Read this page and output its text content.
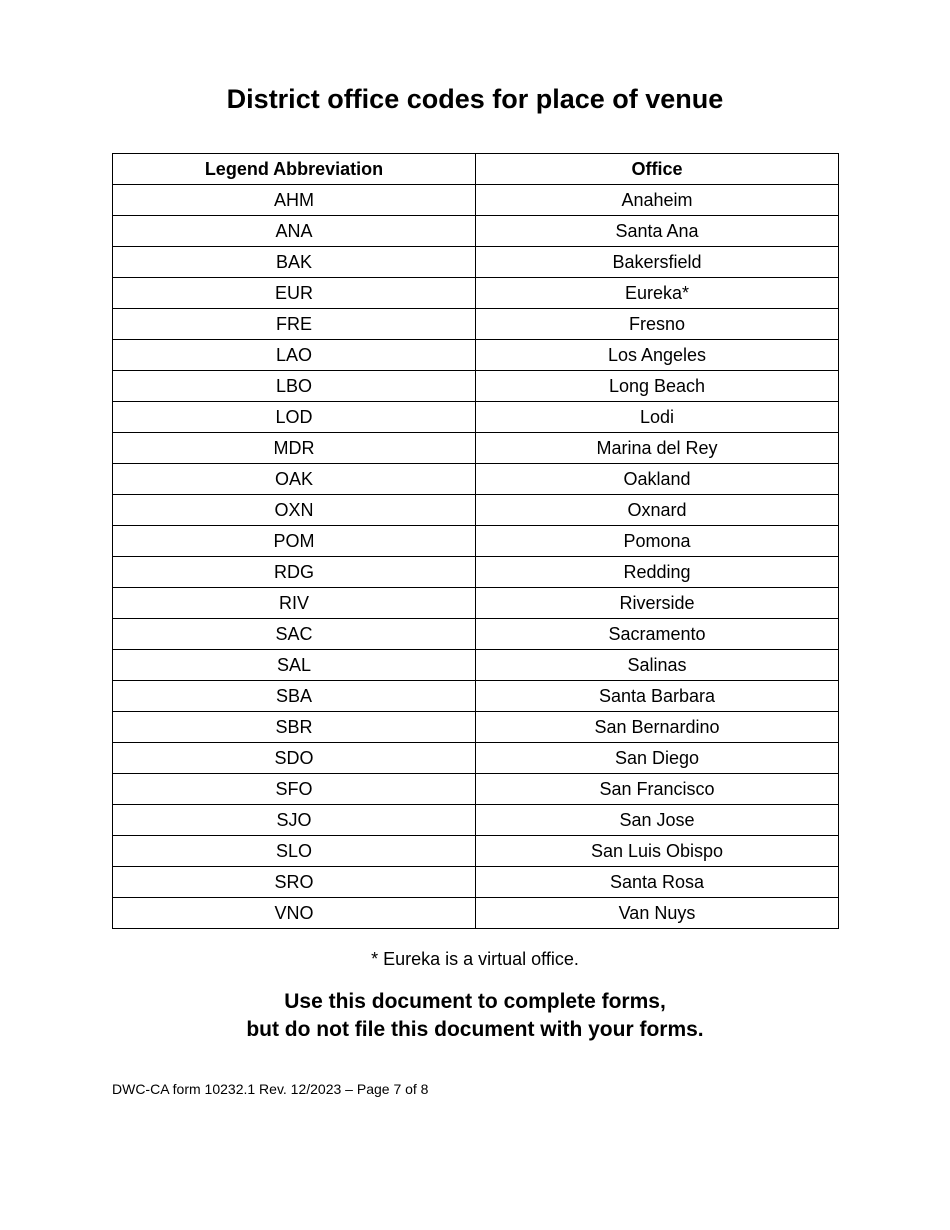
District office codes for place of venue
Legend Abbreviation	Office
AHM	Anaheim
ANA	Santa Ana
BAK	Bakersfield
EUR	Eureka*
FRE	Fresno
LAO	Los Angeles
LBO	Long Beach
LOD	Lodi
MDR	Marina del Rey
OAK	Oakland
OXN	Oxnard
POM	Pomona
RDG	Redding
RIV	Riverside
SAC	Sacramento
SAL	Salinas
SBA	Santa Barbara
SBR	San Bernardino
SDO	San Diego
SFO	San Francisco
SJO	San Jose
SLO	San Luis Obispo
SRO	Santa Rosa
VNO	Van Nuys
* Eureka is a virtual office.
Use this document to complete forms,
but do not file this document with your forms.
DWC-CA form 10232.1 Rev. 12/2023 – Page 7 of 8
